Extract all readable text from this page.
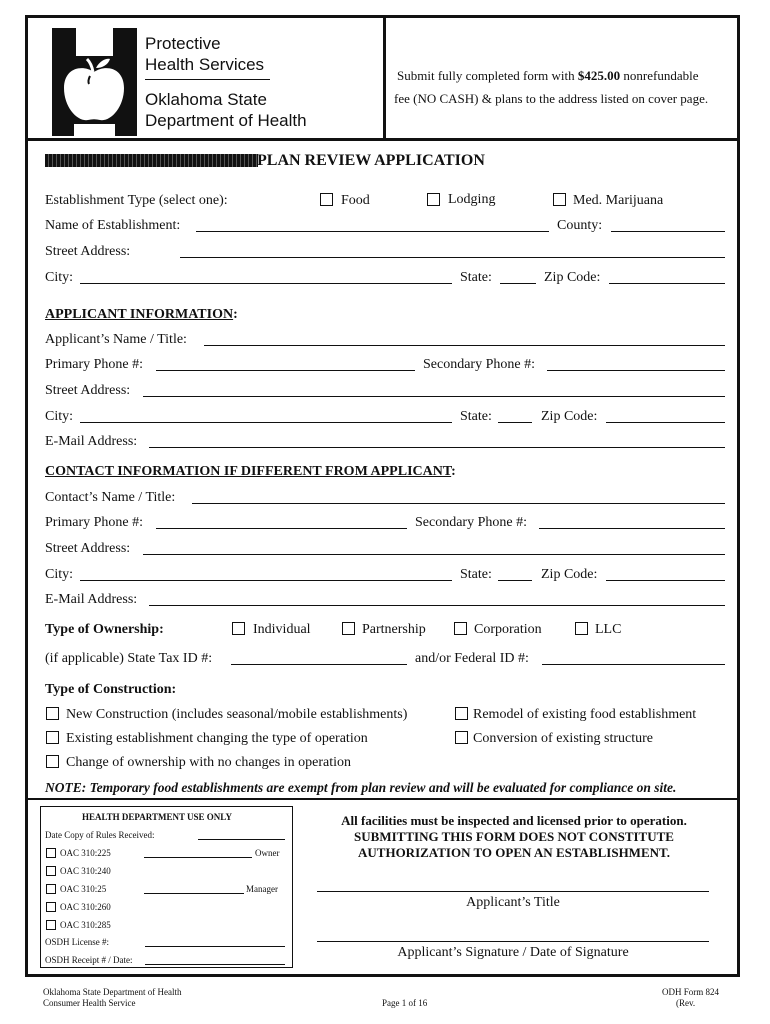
Protective
Health Services
Oklahoma State
Department of Health
Submit fully completed form with $425.00 nonrefundable
fee (NO CASH) & plans to the address listed on cover page.
PLAN REVIEW APPLICATION
Establishment Type (select one):	Food	Lodging	Med. Marijuana
Name of Establishment:	County:
Street Address:
City:	State:	Zip Code:
APPLICANT INFORMATION:
Applicant’s Name / Title:
Primary Phone #:	Secondary Phone #:
Street Address:
City:	State:	Zip Code:
E-Mail Address:
CONTACT INFORMATION IF DIFFERENT FROM APPLICANT:
Contact’s Name / Title:
Primary Phone #:	Secondary Phone #:
Street Address:
City:	State:	Zip Code:
E-Mail Address:
Type of Ownership:	Individual	Partnership	Corporation	LLC
(if applicable) State Tax ID #:	and/or Federal ID #:
Type of Construction:
New Construction (includes seasonal/mobile establishments)	Remodel of existing food establishment
Existing establishment changing the type of operation	Conversion of existing structure
Change of ownership with no changes in operation
NOTE: Temporary food establishments are exempt from plan review and will be evaluated for compliance on site.
HEALTH DEPARTMENT USE ONLY
Date Copy of Rules Received:
OAC 310:225	Owner
OAC 310:240
OAC 310:25	Manager
OAC 310:260
OAC 310:285
OSDH License #:
OSDH Receipt # / Date:
All facilities must be inspected and licensed prior to operation.
SUBMITTING THIS FORM DOES NOT CONSTITUTE
AUTHORIZATION TO OPEN AN ESTABLISHMENT.
Applicant’s Title
Applicant’s Signature / Date of Signature
Oklahoma State Department of Health
Consumer Health Service	Page 1 of 16
ODH Form 824
(Rev.
